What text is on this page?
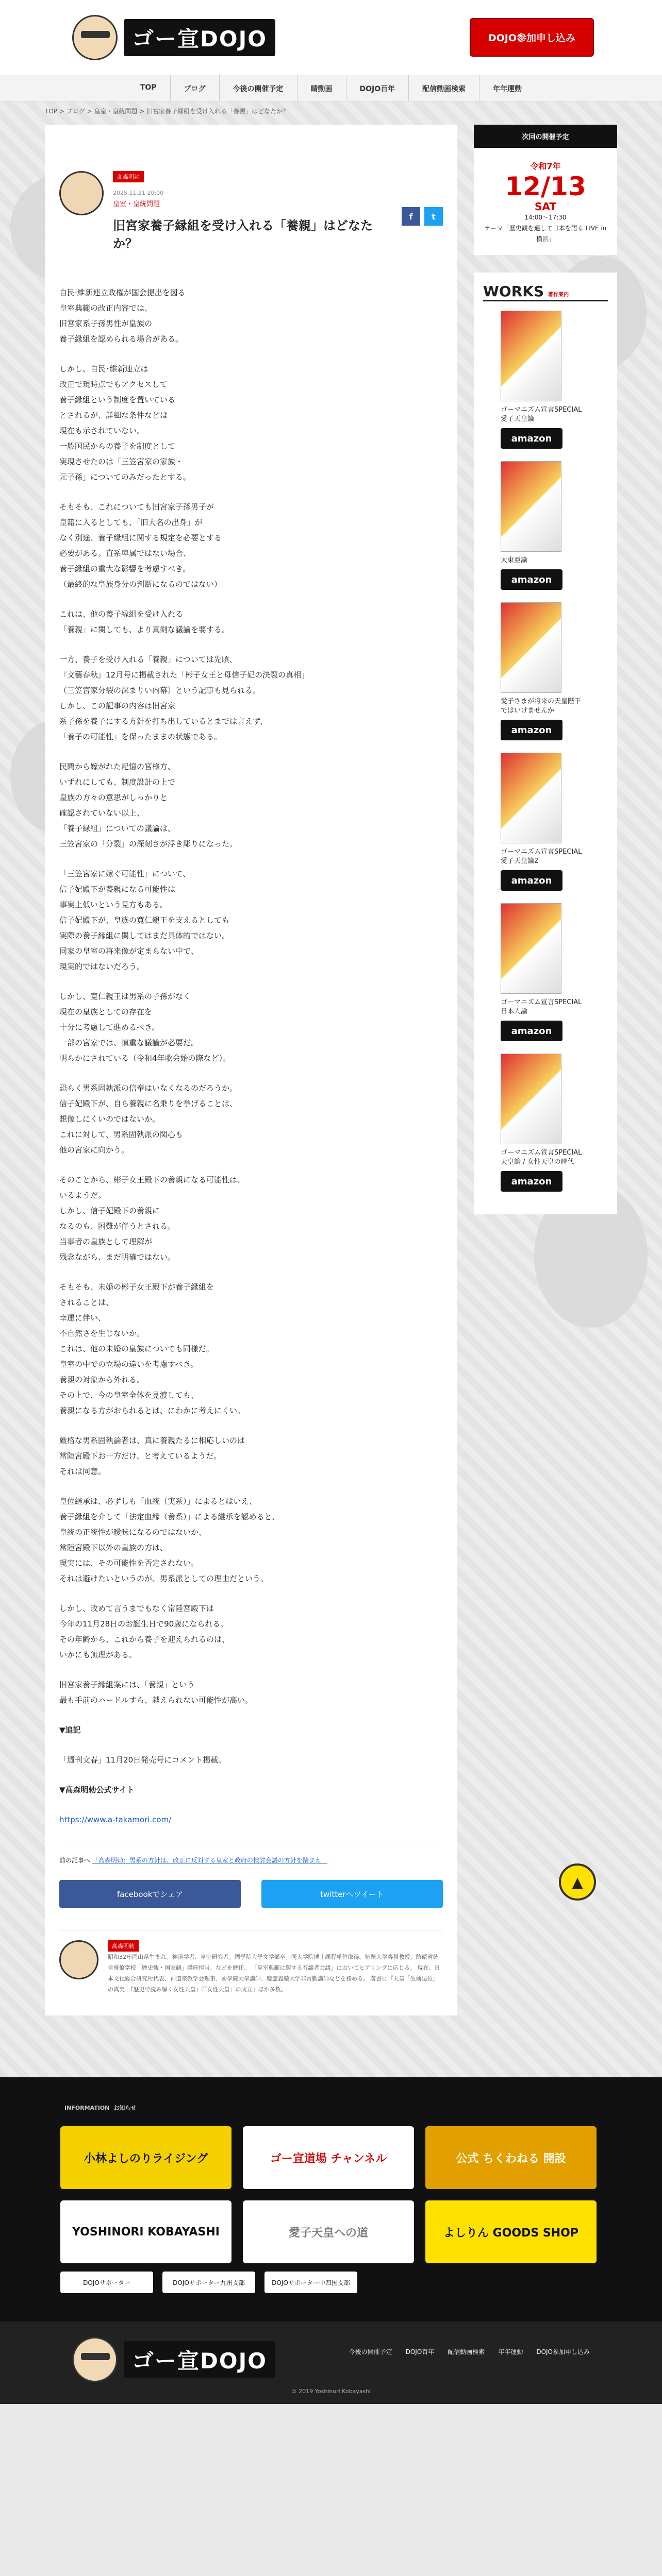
ゴー宣DOJO	DOJO参加申し込み
TOP	ブログ	今後の開催予定	睛動画	DOJO百年	配信動画検索	年年運動
▲
TOP > ブログ > 皇室・皇統問題 > 旧宮家養子縁組を受け入れる「養親」はどなたか？
高森明勅
2025.11.21 20:00
皇室・皇統問題
旧宮家養子縁組を受け入れる「養親」はどなたか？
f	t

自民·維新連立政権が国会提出を図る
皇室典範の改正内容では、
旧宮家系子孫男性が皇族の
養子縁組を認められる場合がある。

しかし、自民･維新連立は
改正で現時点でもアクセスして
養子縁組という制度を置いている
とされるが、詳細な条件などは
現在も示されていない。
一般国民からの養子を制度として
実現させたのは「三笠宮家の家族・
元子孫」についてのみだったとする。

そもそも、これについても旧宮家子孫男子が
皇籍に入るとしても、「旧大名の出身」が
なく別途、養子縁組に関する規定を必要とする
必要がある。直系卑属ではない場合、
養子縁組の重大な影響を考慮すべき。
（最終的な皇族身分の判断になるのではない）

これは、他の養子縁組を受け入れる
「養親」に関しても、より真剣な議論を要する。

一方、養子を受け入れる「養親」については先頃、
『文藝春秋』12月号に掲載された「彬子女王と母信子妃の決裂の真相」
（三笠宮家分裂の深まりい内幕）という記事も見られる。
しかし、この記事の内容は旧宮家
系子孫を養子にする方針を打ち出しているとまでは言えず、
「養子の可能性」を保ったままの状態である。

民間から嫁がれた記憶の宮様方、
いずれにしても、制度設計の上で
皇族の方々の意思がしっかりと
確認されていない以上、
「養子縁組」についての議論は、
三笠宮家の「分裂」の深刻さが浮き彫りになった。

「三笠宮家に嫁ぐ可能性」について、
信子妃殿下が養親になる可能性は
事実上低いという見方もある。
信子妃殿下が、皇族の寛仁親王を支えるとしても
実際の養子縁組に関してはまだ具体的ではない。
同家の皇室の将来像が定まらない中で、
現実的ではないだろう。

しかし、寛仁親王は男系の子孫がなく
現在の皇族としての存在を
十分に考慮して進めるべき。
一部の宮家では、慎重な議論が必要だ。
明らかにされている（令和4年歌会始の際など）。

恐らく男系固執派の信奉はいなくなるのだろうか。
信子妃殿下が、自ら養親に名乗りを挙げることは、
想像しにくいのではないか。
これに対して、男系固執派の関心も
他の宮家に向かう。

そのことから、彬子女王殿下の養親になる可能性は、
いるようだ。
しかし、信子妃殿下の養親に
なるのも、困難が伴うとされる。
当事者の皇族として理解が
残念ながら、まだ明確ではない。

そもそも、未婚の彬子女王殿下が養子縁組を
されることは、
幸運に伴い、
不自然さを生じないか。
これは、他の未婚の皇族についても同様だ。
皇室の中での立場の違いを考慮すべき。
養親の対象から外れる。
その上で、今の皇室全体を見渡しても、
養親になる方がおられるとは、にわかに考えにくい。

厳格な男系固執論者は、真に養親たるに相応しいのは
常陸宮殿下お一方だけ、と考えているようだ。
それは同意。

皇位継承は、必ずしも「血統（実系）」によるとはいえ、
養子縁組を介して「法定血縁（養系）」による継承を認めると、
皇統の正統性が曖昧になるのではないか、
常陸宮殿下以外の皇族の方は、
現実には、その可能性を否定されない。
それは避けたいというのが、男系派としての理由だという。

しかし、改めて言うまでもなく常陸宮殿下は
今年の11月28日のお誕生日で90歳になられる。
その年齢から、これから養子を迎えられるのは、
いかにも無理がある。

旧宮家養子縁組案には、「養親」という
最も手前のハードルすら、越えられない可能性が高い。

▼追記

「週刊文春」11月20日発売号にコメント掲載。

▼高森明勅公式サイト

https://www.a-takamori.com/

前の記事へ 「高森明勅：男系の方針は、改正に反対する皇室と政府の検討会議の方針を踏まえ」
facebookでシェア	twitterへツイート
高森明勅
昭和32年岡山県生まれ。神道学者、皇室研究者。國學院大學文学部卒。同大学院博士課程単位取得。拓殖大学客員教授、防衛省統合幕僚学校「歴史観・国家観」講座担当、などを歴任。 「皇室典範に関する有識者会議」においてヒアリングに応じる。 現在、日本文化総合研究所代表、神道宗教学会理事、國學院大學講師、慶應義塾大学非常勤講師などを務める。 著書に『天皇「生前退位」の真実』『歴史で読み解く女性天皇』『「女性天皇」の成立』ほか多数。
次回の開催予定
令和7年
12/13
SAT
14:00〜17:30
テーマ「歴史観を通して日本を語る LIVE in 横浜」
WORKS 著作案内
ゴーマニズム宣言SPECIAL 愛子天皇論
amazon
大東亜論
amazon
愛子さまが将来の天皇陛下ではいけませんか
amazon
ゴーマニズム宣言SPECIAL 愛子天皇論2
amazon
ゴーマニズム宣言SPECIAL 日本人論
amazon
ゴーマニズム宣言SPECIAL 天皇論 / 女性天皇の時代
amazon
INFORMATION お知らせ
小林よしのりライジング	ゴー宣道場 チャンネル	公式 ちくわねる 開設
YOSHINORI KOBAYASHI	愛子天皇への道	よしりん GOODS SHOP
DOJOサポーター	DOJOサポーター九州支部	DOJOサポーター中四国支部
ゴー宣DOJO	今後の開催予定 DOJO百年 配信動画検索 年年運動 DOJO参加申し込み
© 2019 Yoshinori Kobayashi
